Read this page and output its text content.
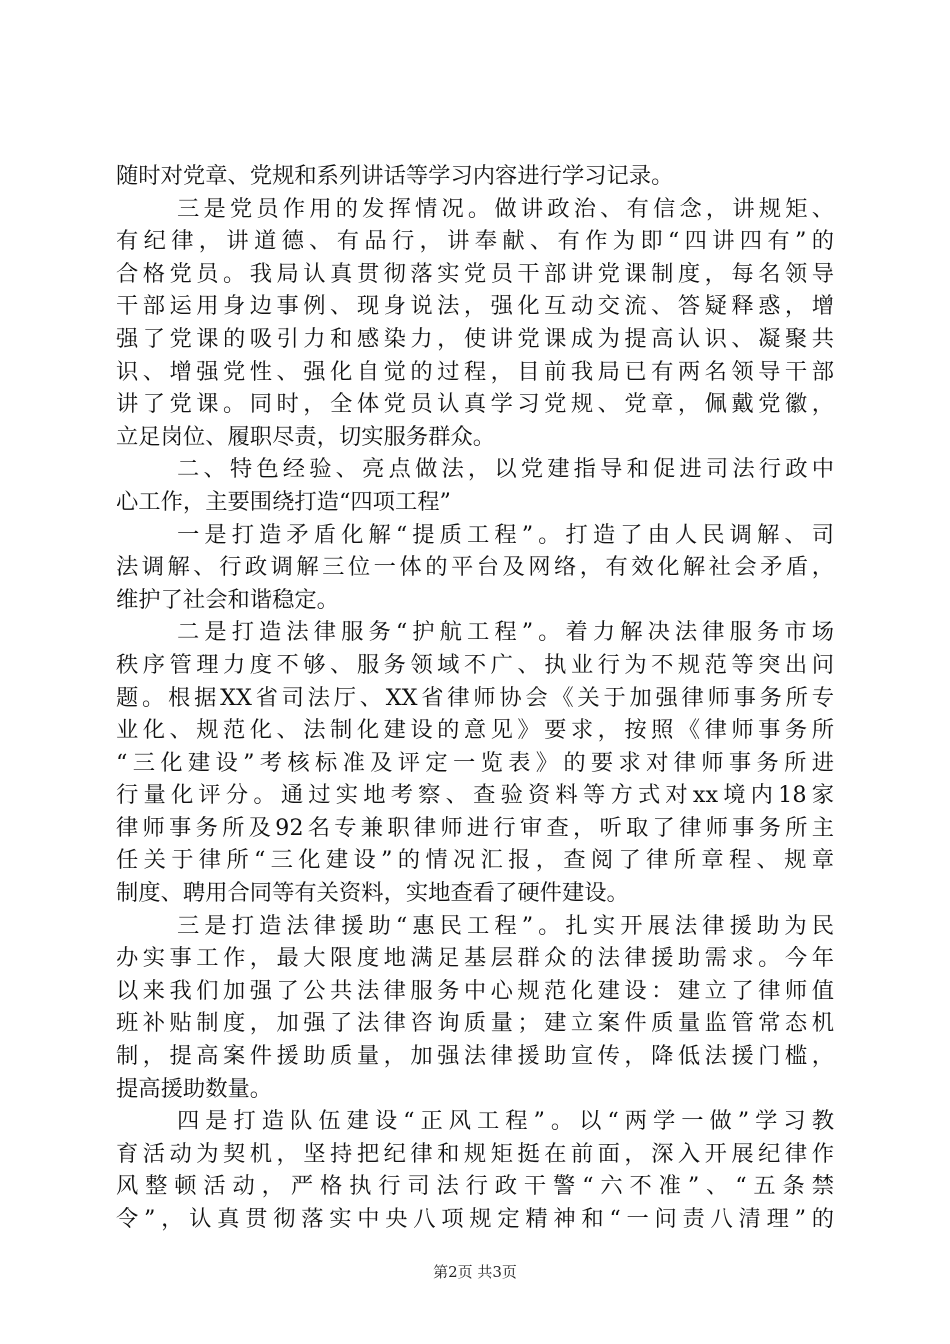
随时对党章、党规和系列讲话等学习内容进行学习记录。
三是党员作用的发挥情况。做讲政治、有信念，讲规矩、
有纪律，讲道德、有品行，讲奉献、有作为即“四讲四有”的
合格党员。我局认真贯彻落实党员干部讲党课制度，每名领导
干部运用身边事例、现身说法，强化互动交流、答疑释惑，增
强了党课的吸引力和感染力，使讲党课成为提高认识、凝聚共
识、增强党性、强化自觉的过程，目前我局已有两名领导干部
讲了党课。同时，全体党员认真学习党规、党章，佩戴党徽，
立足岗位、履职尽责，切实服务群众。
二、特色经验、亮点做法，以党建指导和促进司法行政中
心工作，主要围绕打造“四项工程”
一是打造矛盾化解“提质工程”。打造了由人民调解、司
法调解、行政调解三位一体的平台及网络，有效化解社会矛盾，
维护了社会和谐稳定。
二是打造法律服务“护航工程”。着力解决法律服务市场
秩序管理力度不够、服务领域不广、执业行为不规范等突出问
题。根据XX省司法厅、XX省律师协会《关于加强律师事务所专
业化、规范化、法制化建设的意见》要求，按照《律师事务所
“三化建设”考核标准及评定一览表》的要求对律师事务所进
行量化评分。通过实地考察、查验资料等方式对xx境内18家
律师事务所及92名专兼职律师进行审查，听取了律师事务所主
任关于律所“三化建设”的情况汇报，查阅了律所章程、规章
制度、聘用合同等有关资料，实地查看了硬件建设。
三是打造法律援助“惠民工程”。扎实开展法律援助为民
办实事工作，最大限度地满足基层群众的法律援助需求。今年
以来我们加强了公共法律服务中心规范化建设：建立了律师值
班补贴制度，加强了法律咨询质量；建立案件质量监管常态机
制，提高案件援助质量，加强法律援助宣传，降低法援门槛，
提高援助数量。
四是打造队伍建设“正风工程”。以“两学一做”学习教
育活动为契机，坚持把纪律和规矩挺在前面，深入开展纪律作
风整顿活动，严格执行司法行政干警“六不准”、“五条禁
令”，认真贯彻落实中央八项规定精神和“一问责八清理”的
第2页 共3页
